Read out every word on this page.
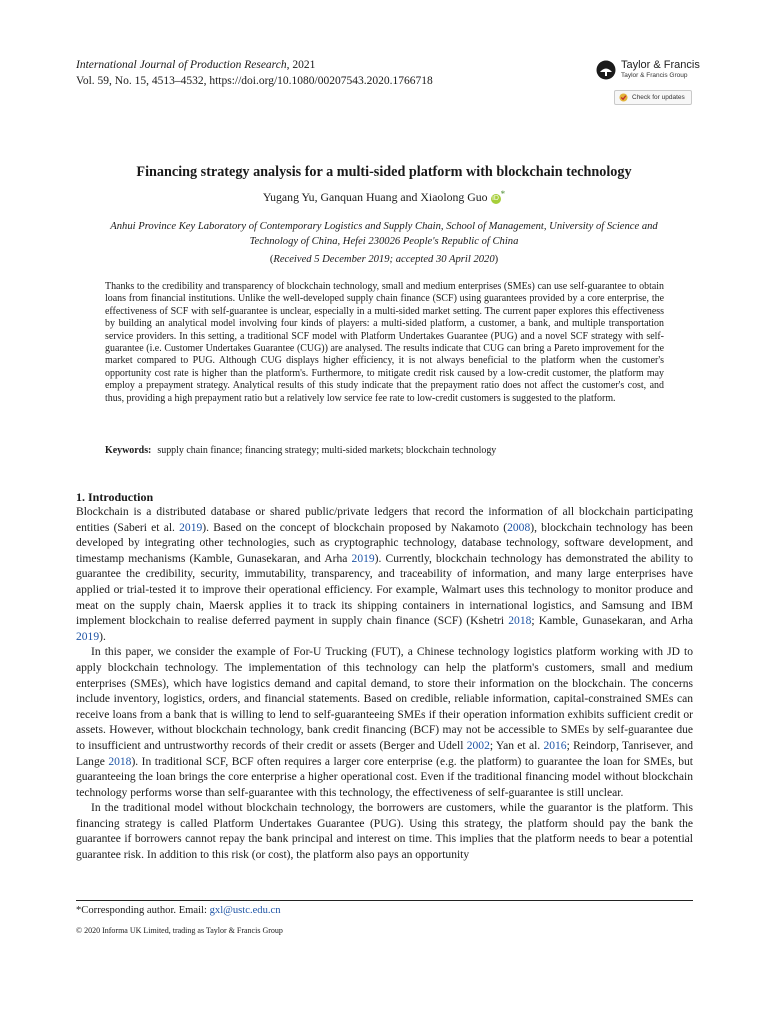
International Journal of Production Research, 2021
Vol. 59, No. 15, 4513–4532, https://doi.org/10.1080/00207543.2020.1766718
Taylor & Francis
Taylor & Francis Group
Check for updates
Financing strategy analysis for a multi-sided platform with blockchain technology
Yugang Yu, Ganquan Huang and Xiaolong Guo iD *
Anhui Province Key Laboratory of Contemporary Logistics and Supply Chain, School of Management, University of Science and Technology of China, Hefei 230026 People's Republic of China
(Received 5 December 2019; accepted 30 April 2020)

Thanks to the credibility and transparency of blockchain technology, small and medium enterprises (SMEs) can use self-guarantee to obtain loans from financial institutions. Unlike the well-developed supply chain finance (SCF) using guarantees provided by a core enterprise, the effectiveness of SCF with self-guarantee is unclear, especially in a multi-sided market setting. The current paper explores this effectiveness by building an analytical model involving four kinds of players: a multi-sided platform, a customer, a bank, and multiple transportation service providers. In this setting, a traditional SCF model with Platform Undertakes Guarantee (PUG) and a novel SCF strategy with self-guarantee (i.e. Customer Undertakes Guarantee (CUG)) are analysed. The results indicate that CUG can bring a Pareto improvement for the market compared to PUG. Although CUG displays higher efficiency, it is not always beneficial to the platform when the customer's opportunity cost rate is higher than the platform's. Furthermore, to mitigate credit risk caused by a low-credit customer, the platform may employ a prepayment strategy. Analytical results of this study indicate that the prepayment ratio does not affect the customer's cost, and thus, providing a high prepayment ratio but a relatively low service fee rate to low-credit customers is suggested to the platform.

Keywords: supply chain finance; financing strategy; multi-sided markets; blockchain technology
1. Introduction

Blockchain is a distributed database or shared public/private ledgers that record the information of all blockchain participating entities (Saberi et al. 2019). Based on the concept of blockchain proposed by Nakamoto (2008), blockchain technology has been developed by integrating other technologies, such as cryptographic technology, database technology, software development, and timestamp mechanisms (Kamble, Gunasekaran, and Arha 2019). Currently, blockchain technology has demonstrated the ability to guarantee the credibility, security, immutability, transparency, and traceability of information, and many large enterprises have applied or trial-tested it to improve their operational efficiency. For example, Walmart uses this technology to monitor produce and meat on the supply chain, Maersk applies it to track its shipping containers in international logistics, and Samsung and IBM implement blockchain to realise deferred payment in supply chain finance (SCF) (Kshetri 2018; Kamble, Gunasekaran, and Arha 2019).

In this paper, we consider the example of For-U Trucking (FUT), a Chinese technology logistics platform working with JD to apply blockchain technology. The implementation of this technology can help the platform's customers, small and medium enterprises (SMEs), which have logistics demand and capital demand, to store their information on the blockchain. The concerns include inventory, logistics, orders, and financial statements. Based on credible, reliable information, capital-constrained SMEs can receive loans from a bank that is willing to lend to self-guaranteeing SMEs if their operation information exhibits sufficient credit or assets. However, without blockchain technology, bank credit financing (BCF) may not be accessible to SMEs by self-guarantee due to insufficient and untrustworthy records of their credit or assets (Berger and Udell 2002; Yan et al. 2016; Reindorp, Tanrisever, and Lange 2018). In traditional SCF, BCF often requires a larger core enterprise (e.g. the platform) to guarantee the loan for SMEs, but guaranteeing the loan brings the core enterprise a higher operational cost. Even if the traditional financing model without blockchain technology performs worse than self-guarantee with this technology, the effectiveness of self-guarantee is still unclear.

In the traditional model without blockchain technology, the borrowers are customers, while the guarantor is the platform. This financing strategy is called Platform Undertakes Guarantee (PUG). Using this strategy, the platform should pay the bank the guarantee if borrowers cannot repay the bank principal and interest on time. This implies that the platform needs to bear a potential guarantee risk. In addition to this risk (or cost), the platform also pays an opportunity

*Corresponding author. Email: gxl@ustc.edu.cn
© 2020 Informa UK Limited, trading as Taylor & Francis Group
